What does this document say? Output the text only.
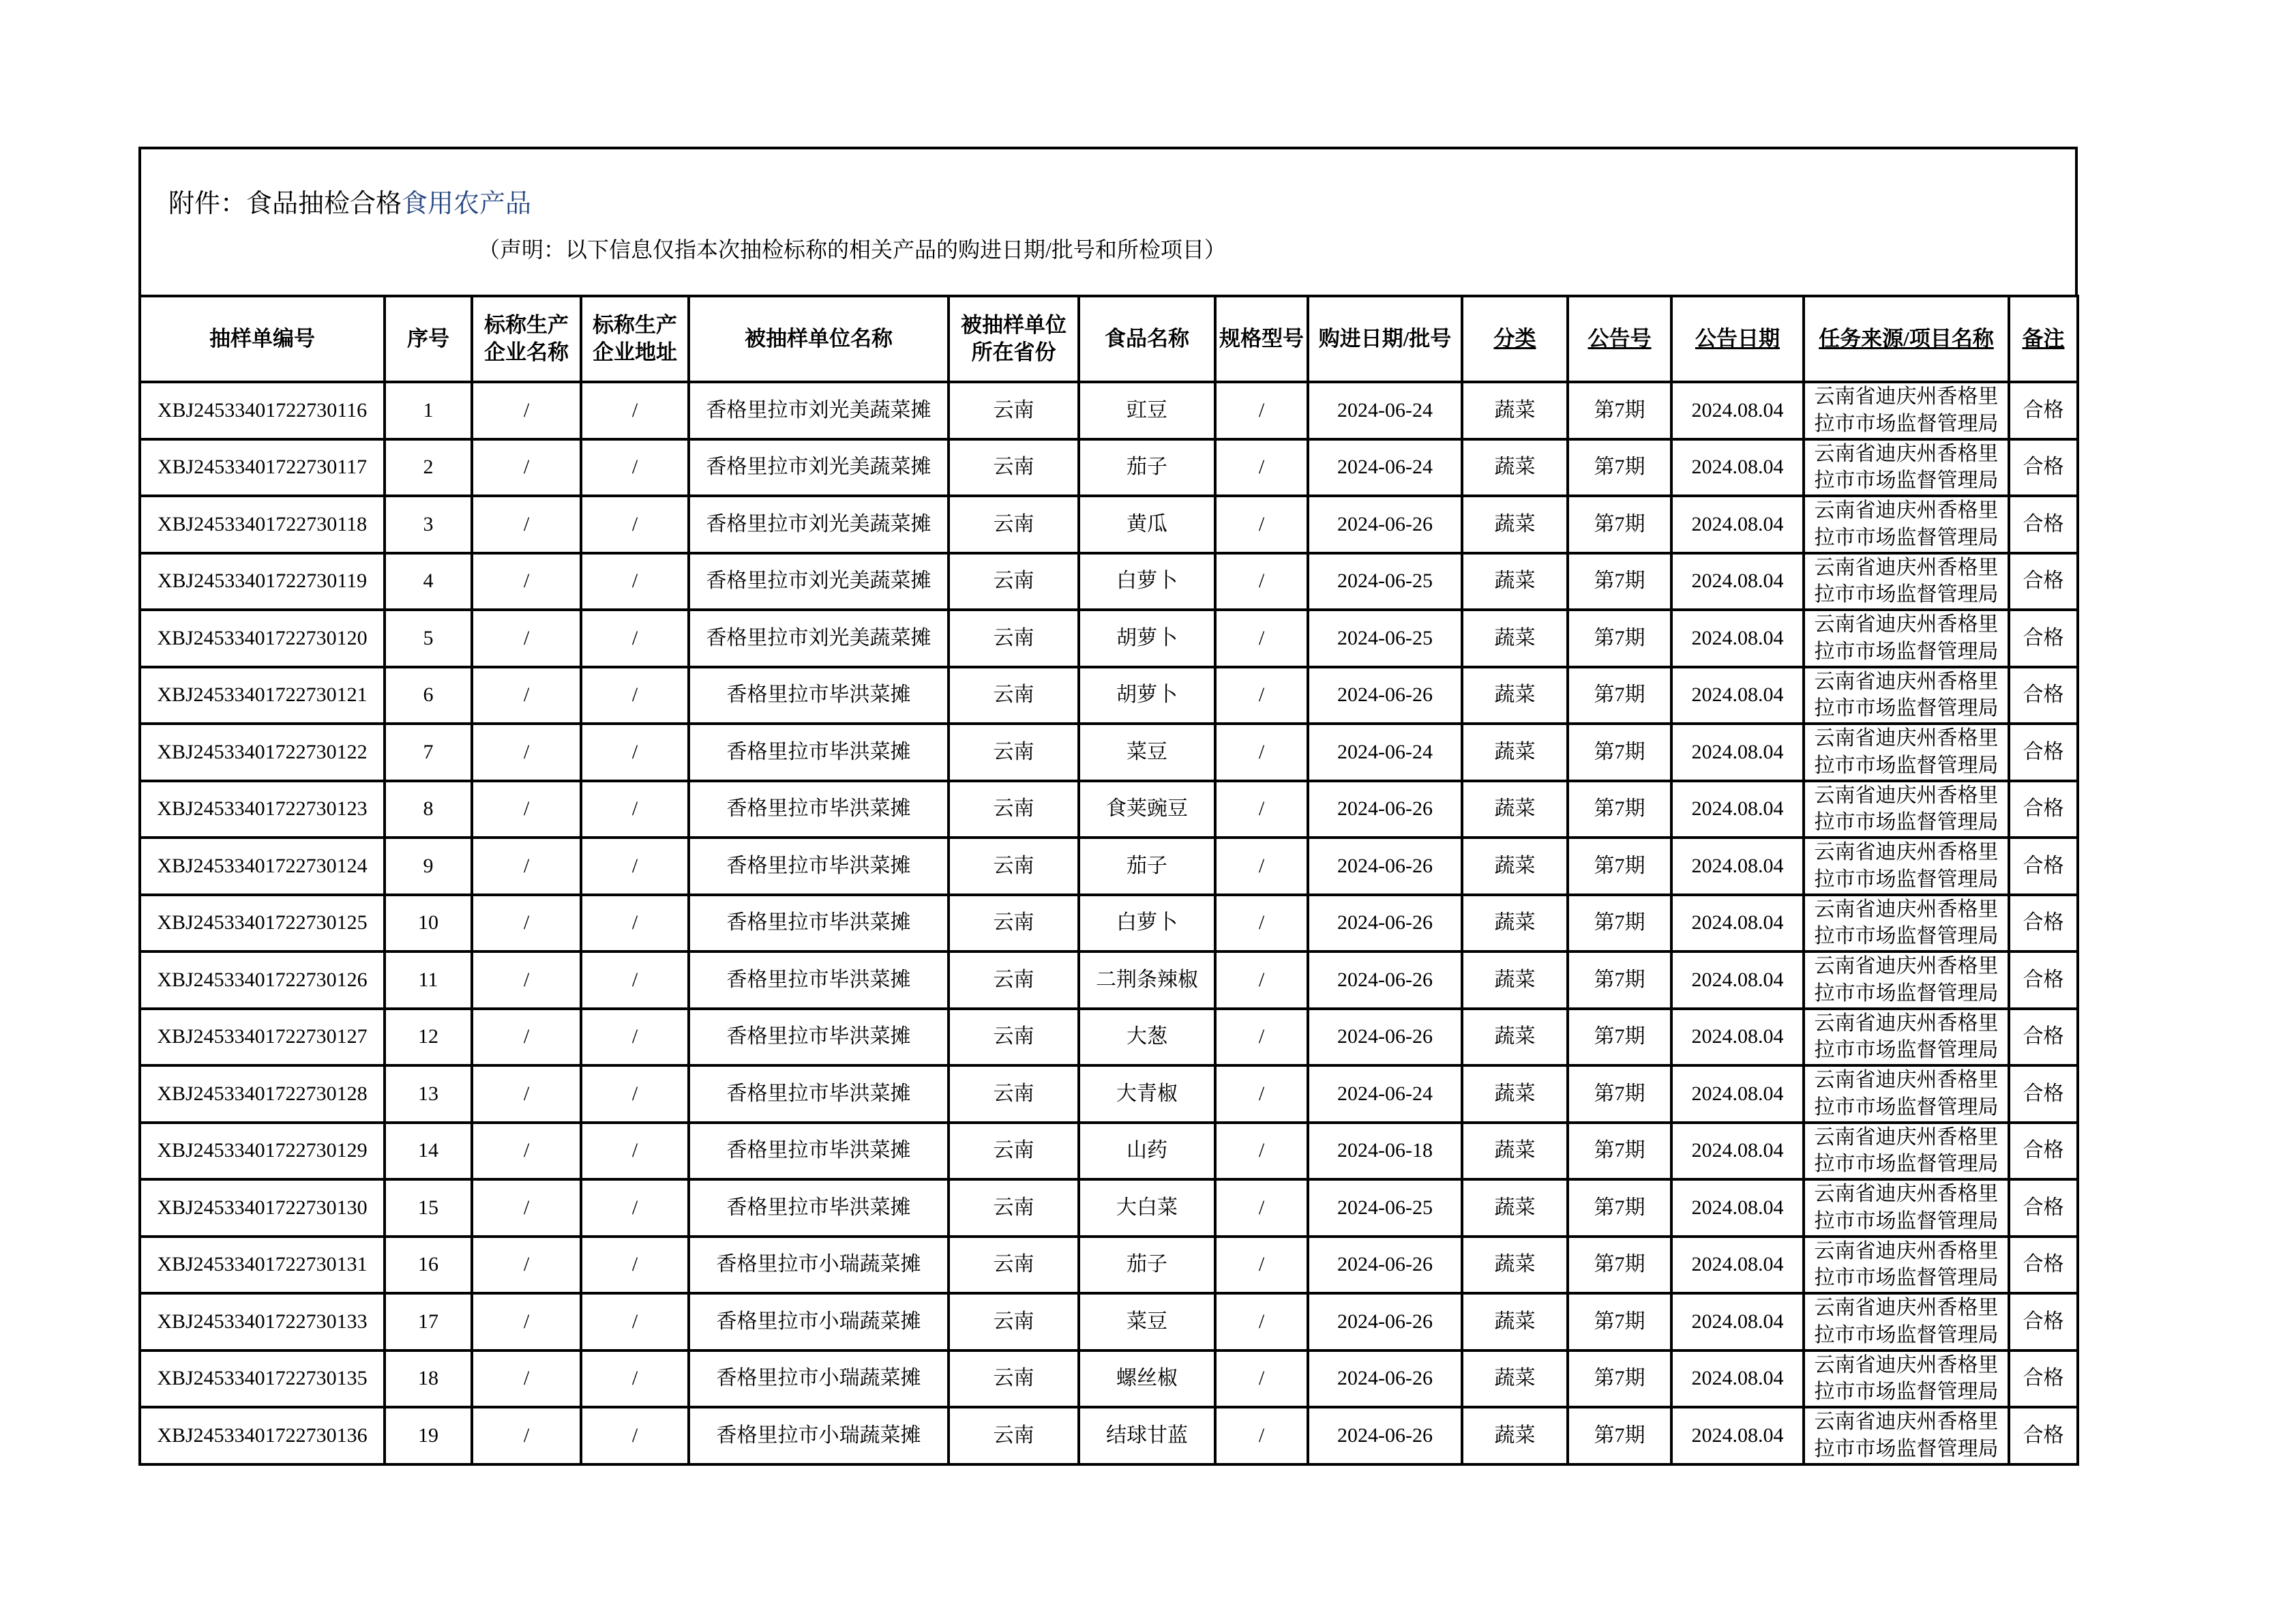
附件：食品抽检合格食用农产品
（声明：以下信息仅指本次抽检标称的相关产品的购进日期/批号和所检项目）
抽样单编号	序号	标称生产企业名称	标称生产企业地址	被抽样单位名称	被抽样单位所在省份	食品名称	规格型号	购进日期/批号	分类	公告号	公告日期	任务来源/项目名称	备注
XBJ24533401722730116	1	/	/	香格里拉市刘光美蔬菜摊	云南	豇豆	/	2024-06-24	蔬菜	第7期	2024.08.04	云南省迪庆州香格里拉市市场监督管理局	合格
XBJ24533401722730117	2	/	/	香格里拉市刘光美蔬菜摊	云南	茄子	/	2024-06-24	蔬菜	第7期	2024.08.04	云南省迪庆州香格里拉市市场监督管理局	合格
XBJ24533401722730118	3	/	/	香格里拉市刘光美蔬菜摊	云南	黄瓜	/	2024-06-26	蔬菜	第7期	2024.08.04	云南省迪庆州香格里拉市市场监督管理局	合格
XBJ24533401722730119	4	/	/	香格里拉市刘光美蔬菜摊	云南	白萝卜	/	2024-06-25	蔬菜	第7期	2024.08.04	云南省迪庆州香格里拉市市场监督管理局	合格
XBJ24533401722730120	5	/	/	香格里拉市刘光美蔬菜摊	云南	胡萝卜	/	2024-06-25	蔬菜	第7期	2024.08.04	云南省迪庆州香格里拉市市场监督管理局	合格
XBJ24533401722730121	6	/	/	香格里拉市毕洪菜摊	云南	胡萝卜	/	2024-06-26	蔬菜	第7期	2024.08.04	云南省迪庆州香格里拉市市场监督管理局	合格
XBJ24533401722730122	7	/	/	香格里拉市毕洪菜摊	云南	菜豆	/	2024-06-24	蔬菜	第7期	2024.08.04	云南省迪庆州香格里拉市市场监督管理局	合格
XBJ24533401722730123	8	/	/	香格里拉市毕洪菜摊	云南	食荚豌豆	/	2024-06-26	蔬菜	第7期	2024.08.04	云南省迪庆州香格里拉市市场监督管理局	合格
XBJ24533401722730124	9	/	/	香格里拉市毕洪菜摊	云南	茄子	/	2024-06-26	蔬菜	第7期	2024.08.04	云南省迪庆州香格里拉市市场监督管理局	合格
XBJ24533401722730125	10	/	/	香格里拉市毕洪菜摊	云南	白萝卜	/	2024-06-26	蔬菜	第7期	2024.08.04	云南省迪庆州香格里拉市市场监督管理局	合格
XBJ24533401722730126	11	/	/	香格里拉市毕洪菜摊	云南	二荆条辣椒	/	2024-06-26	蔬菜	第7期	2024.08.04	云南省迪庆州香格里拉市市场监督管理局	合格
XBJ24533401722730127	12	/	/	香格里拉市毕洪菜摊	云南	大葱	/	2024-06-26	蔬菜	第7期	2024.08.04	云南省迪庆州香格里拉市市场监督管理局	合格
XBJ24533401722730128	13	/	/	香格里拉市毕洪菜摊	云南	大青椒	/	2024-06-24	蔬菜	第7期	2024.08.04	云南省迪庆州香格里拉市市场监督管理局	合格
XBJ24533401722730129	14	/	/	香格里拉市毕洪菜摊	云南	山药	/	2024-06-18	蔬菜	第7期	2024.08.04	云南省迪庆州香格里拉市市场监督管理局	合格
XBJ24533401722730130	15	/	/	香格里拉市毕洪菜摊	云南	大白菜	/	2024-06-25	蔬菜	第7期	2024.08.04	云南省迪庆州香格里拉市市场监督管理局	合格
XBJ24533401722730131	16	/	/	香格里拉市小瑞蔬菜摊	云南	茄子	/	2024-06-26	蔬菜	第7期	2024.08.04	云南省迪庆州香格里拉市市场监督管理局	合格
XBJ24533401722730133	17	/	/	香格里拉市小瑞蔬菜摊	云南	菜豆	/	2024-06-26	蔬菜	第7期	2024.08.04	云南省迪庆州香格里拉市市场监督管理局	合格
XBJ24533401722730135	18	/	/	香格里拉市小瑞蔬菜摊	云南	螺丝椒	/	2024-06-26	蔬菜	第7期	2024.08.04	云南省迪庆州香格里拉市市场监督管理局	合格
XBJ24533401722730136	19	/	/	香格里拉市小瑞蔬菜摊	云南	结球甘蓝	/	2024-06-26	蔬菜	第7期	2024.08.04	云南省迪庆州香格里拉市市场监督管理局	合格
